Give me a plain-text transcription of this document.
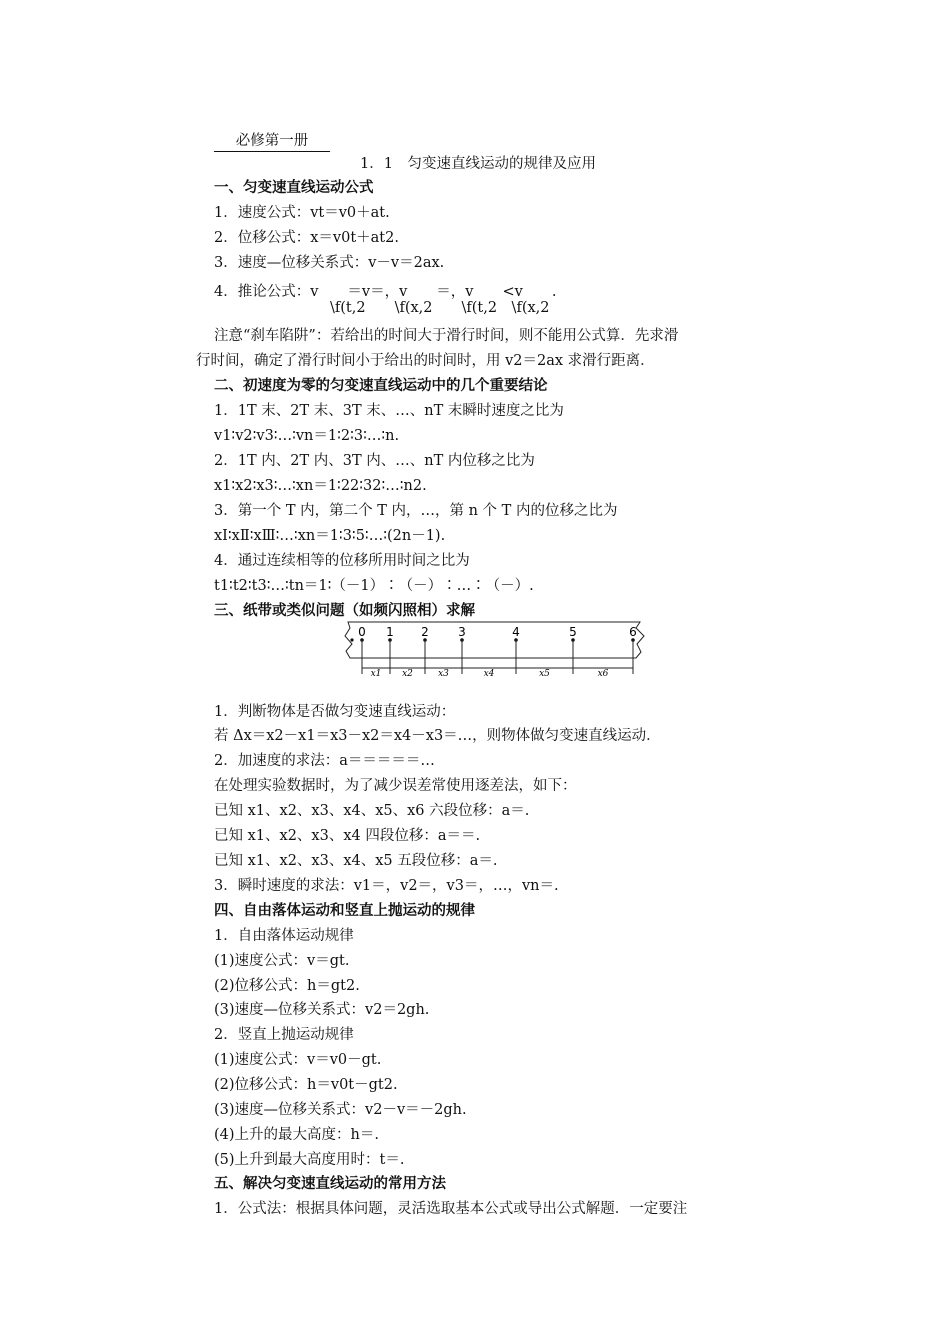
必修第一册
1．1　匀变速直线运动的规律及应用
一、匀变速直线运动公式
1．速度公式：vt＝v0＋at.
2．位移公式：x＝v0t＋at2.
3．速度—位移关系式：v－v＝2ax.
4．推论公式：v　　＝v＝，v　　＝，v　　<v　　.
\f(t,2　　\f(x,2　　\f(t,2　\f(x,2
注意“刹车陷阱”：若给出的时间大于滑行时间，则不能用公式算．先求滑
行时间，确定了滑行时间小于给出的时间时，用 v2＝2ax 求滑行距离．
二、初速度为零的匀变速直线运动中的几个重要结论
1．1T 末、2T 末、3T 末、…、nT 末瞬时速度之比为
v1∶v2∶v3∶…∶vn＝1∶2∶3∶…∶n.
2．1T 内、2T 内、3T 内、…、nT 内位移之比为
x1∶x2∶x3∶…∶xn＝1∶22∶32∶…∶n2.
3．第一个 T 内，第二个 T 内，…，第 n 个 T 内的位移之比为
xⅠ∶xⅡ∶xⅢ∶…∶xn＝1∶3∶5∶…∶(2n－1).
4．通过连续相等的位移所用时间之比为
t1∶t2∶t3∶…∶tn＝1∶（－1）∶（－）∶…∶（－）.
三、纸带或类似问题（如频闪照相）求解
0 1 2 3	4	5	6
x1 x2	x3	x4	x5	x6
1．判断物体是否做匀变速直线运动：
若 Δx＝x2－x1＝x3－x2＝x4－x3＝…，则物体做匀变速直线运动．
2．加速度的求法：a＝＝＝＝＝…
在处理实验数据时，为了减少误差常使用逐差法，如下：
已知 x1、x2、x3、x4、x5、x6 六段位移：a＝.
已知 x1、x2、x3、x4 四段位移：a＝＝.
已知 x1、x2、x3、x4、x5 五段位移：a＝.
3．瞬时速度的求法：v1＝，v2＝，v3＝，…，vn＝.
四、自由落体运动和竖直上抛运动的规律
1．自由落体运动规律
(1)速度公式：v＝gt.
(2)位移公式：h＝gt2.
(3)速度—位移关系式：v2＝2gh.
2．竖直上抛运动规律
(1)速度公式：v＝v0－gt.
(2)位移公式：h＝v0t－gt2.
(3)速度—位移关系式：v2－v＝－2gh.
(4)上升的最大高度：h＝.
(5)上升到最大高度用时：t＝.
五、解决匀变速直线运动的常用方法
1．公式法：根据具体问题，灵活选取基本公式或导出公式解题．一定要注
